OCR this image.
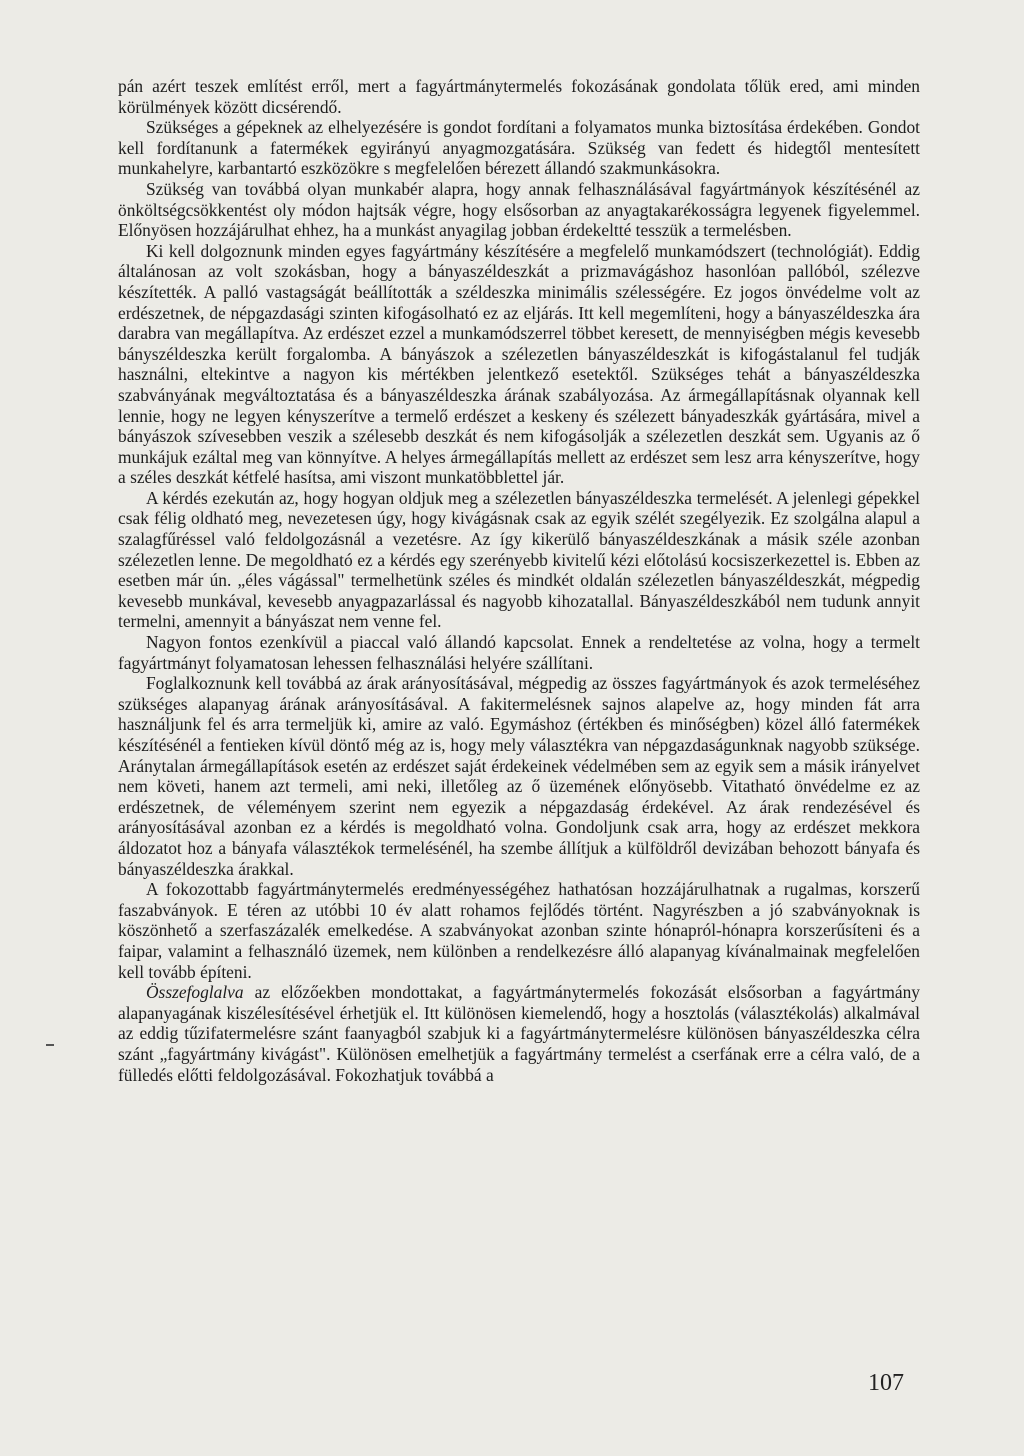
pán azért teszek említést erről, mert a fagyártmánytermelés fokozásának gondolata tőlük ered, ami minden körülmények között dicsérendő.

Szükséges a gépeknek az elhelyezésére is gondot fordítani a folyamatos munka biztosítása érdekében. Gondot kell fordítanunk a fatermékek egyirányú anyagmozgatására. Szükség van fedett és hidegtől mentesített munkahelyre, karbantartó eszközökre s megfelelően bérezett állandó szakmunkásokra.

Szükség van továbbá olyan munkabér alapra, hogy annak felhasználásával fagyártmányok készítésénél az önköltségcsökkentést oly módon hajtsák végre, hogy elsősorban az anyagtakarékosságra legyenek figyelemmel. Előnyösen hozzájárulhat ehhez, ha a munkást anyagilag jobban érdekeltté tesszük a termelésben.

Ki kell dolgoznunk minden egyes fagyártmány készítésére a megfelelő munkamódszert (technológiát). Eddig általánosan az volt szokásban, hogy a bányaszéldeszkát a prizmavágáshoz hasonlóan pallóból, szélezve készítették. A palló vastagságát beállították a széldeszka minimális szélességére. Ez jogos önvédelme volt az erdészetnek, de népgazdasági szinten kifogásolható ez az eljárás. Itt kell megemlíteni, hogy a bányaszéldeszka ára darabra van megállapítva. Az erdészet ezzel a munkamódszerrel többet keresett, de mennyiségben mégis kevesebb bányszéldeszka került forgalomba. A bányászok a szélezetlen bányaszéldeszkát is kifogástalanul fel tudják használni, eltekintve a nagyon kis mértékben jelentkező esetektől. Szükséges tehát a bányaszéldeszka szabványának megváltoztatása és a bányaszéldeszka árának szabályozása. Az ármegállapításnak olyannak kell lennie, hogy ne legyen kényszerítve a termelő erdészet a keskeny és szélezett bányadeszkák gyártására, mivel a bányászok szívesebben veszik a szélesebb deszkát és nem kifogásolják a szélezetlen deszkát sem. Ugyanis az ő munkájuk ezáltal meg van könnyítve. A helyes ármegállapítás mellett az erdészet sem lesz arra kényszerítve, hogy a széles deszkát kétfelé hasítsa, ami viszont munkatöbblettel jár.

A kérdés ezekután az, hogy hogyan oldjuk meg a szélezetlen bányaszéldeszka termelését. A jelenlegi gépekkel csak félig oldható meg, nevezetesen úgy, hogy kivágásnak csak az egyik szélét szegélyezik. Ez szolgálna alapul a szalagfűréssel való feldolgozásnál a vezetésre. Az így kikerülő bányaszéldeszkának a másik széle azonban szélezetlen lenne. De megoldható ez a kérdés egy szerényebb kivitelű kézi előtolású kocsiszerkezettel is. Ebben az esetben már ún. „éles vágással" termelhetünk széles és mindkét oldalán szélezetlen bányaszéldeszkát, mégpedig kevesebb munkával, kevesebb anyagpazarlással és nagyobb kihozatallal. Bányaszéldeszkából nem tudunk annyit termelni, amennyit a bányászat nem venne fel.

Nagyon fontos ezenkívül a piaccal való állandó kapcsolat. Ennek a rendeltetése az volna, hogy a termelt fagyártmányt folyamatosan lehessen felhasználási helyére szállítani.

Foglalkoznunk kell továbbá az árak arányosításával, mégpedig az összes fagyártmányok és azok termeléséhez szükséges alapanyag árának arányosításával. A fakitermelésnek sajnos alapelve az, hogy minden fát arra használjunk fel és arra termeljük ki, amire az való. Egymáshoz (értékben és minőségben) közel álló fatermékek készítésénél a fentieken kívül döntő még az is, hogy mely választékra van népgazdaságunknak nagyobb szüksége. Aránytalan ármegállapítások esetén az erdészet saját érdekeinek védelmében sem az egyik sem a másik irányelvet nem követi, hanem azt termeli, ami neki, illetőleg az ő üzemének előnyösebb. Vitatható önvédelme ez az erdészetnek, de véleményem szerint nem egyezik a népgazdaság érdekével. Az árak rendezésével és arányosításával azonban ez a kérdés is megoldható volna. Gondoljunk csak arra, hogy az erdészet mekkora áldozatot hoz a bányafa választékok termelésénél, ha szembe állítjuk a külföldről devizában behozott bányafa és bányaszéldeszka árakkal.

A fokozottabb fagyártmánytermelés eredményességéhez hathatósan hozzájárulhatnak a rugalmas, korszerű faszabványok. E téren az utóbbi 10 év alatt rohamos fejlődés történt. Nagyrészben a jó szabványoknak is köszönhető a szerfaszázalék emelkedése. A szabványokat azonban szinte hónapról-hónapra korszerűsíteni és a faipar, valamint a felhasználó üzemek, nem különben a rendelkezésre álló alapanyag kívánalmainak megfelelően kell tovább építeni.

Összefoglalva az előzőekben mondottakat, a fagyártmánytermelés fokozását elsősorban a fagyártmány alapanyagának kiszélesítésével érhetjük el. Itt különösen kiemelendő, hogy a hosztolás (választékolás) alkalmával az eddig tűzifatermelésre szánt faanyagból szabjuk ki a fagyártmánytermelésre különösen bányaszéldeszka célra szánt „fagyártmány kivágást". Különösen emelhetjük a fagyártmány termelést a cserfának erre a célra való, de a fülledés előtti feldolgozásával. Fokozhatjuk továbbá a

107
